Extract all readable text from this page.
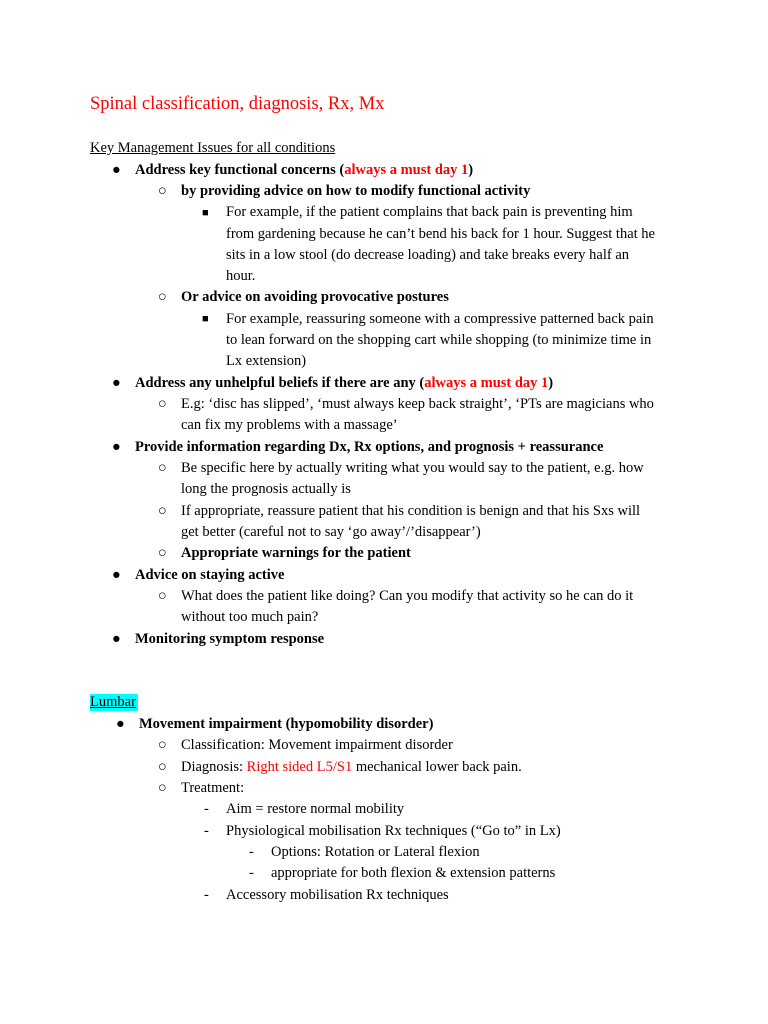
Spinal classification, diagnosis, Rx, Mx
Key Management Issues for all conditions
● Address key functional concerns (always a must day 1)
○ by providing advice on how to modify functional activity
■ For example, if the patient complains that back pain is preventing him
from gardening because he can’t bend his back for 1 hour. Suggest that he
sits in a low stool (do decrease loading) and take breaks every half an
hour.
○ Or advice on avoiding provocative postures
■ For example, reassuring someone with a compressive patterned back pain
to lean forward on the shopping cart while shopping (to minimize time in
Lx extension)
● Address any unhelpful beliefs if there are any (always a must day 1)
○ E.g: ‘disc has slipped’, ‘must always keep back straight’, ‘PTs are magicians who
can fix my problems with a massage’
● Provide information regarding Dx, Rx options, and prognosis + reassurance
○ Be specific here by actually writing what you would say to the patient, e.g. how
long the prognosis actually is
○ If appropriate, reassure patient that his condition is benign and that his Sxs will
get better (careful not to say ‘go away’/’disappear’)
○ Appropriate warnings for the patient
● Advice on staying active
○ What does the patient like doing? Can you modify that activity so he can do it
without too much pain?
● Monitoring symptom response
Lumbar
● Movement impairment (hypomobility disorder)
○ Classification: Movement impairment disorder
○ Diagnosis: Right sided L5/S1 mechanical lower back pain.
○ Treatment:
- Aim = restore normal mobility
- Physiological mobilisation Rx techniques (“Go to” in Lx)
- Options: Rotation or Lateral flexion
- appropriate for both flexion & extension patterns
- Accessory mobilisation Rx techniques
